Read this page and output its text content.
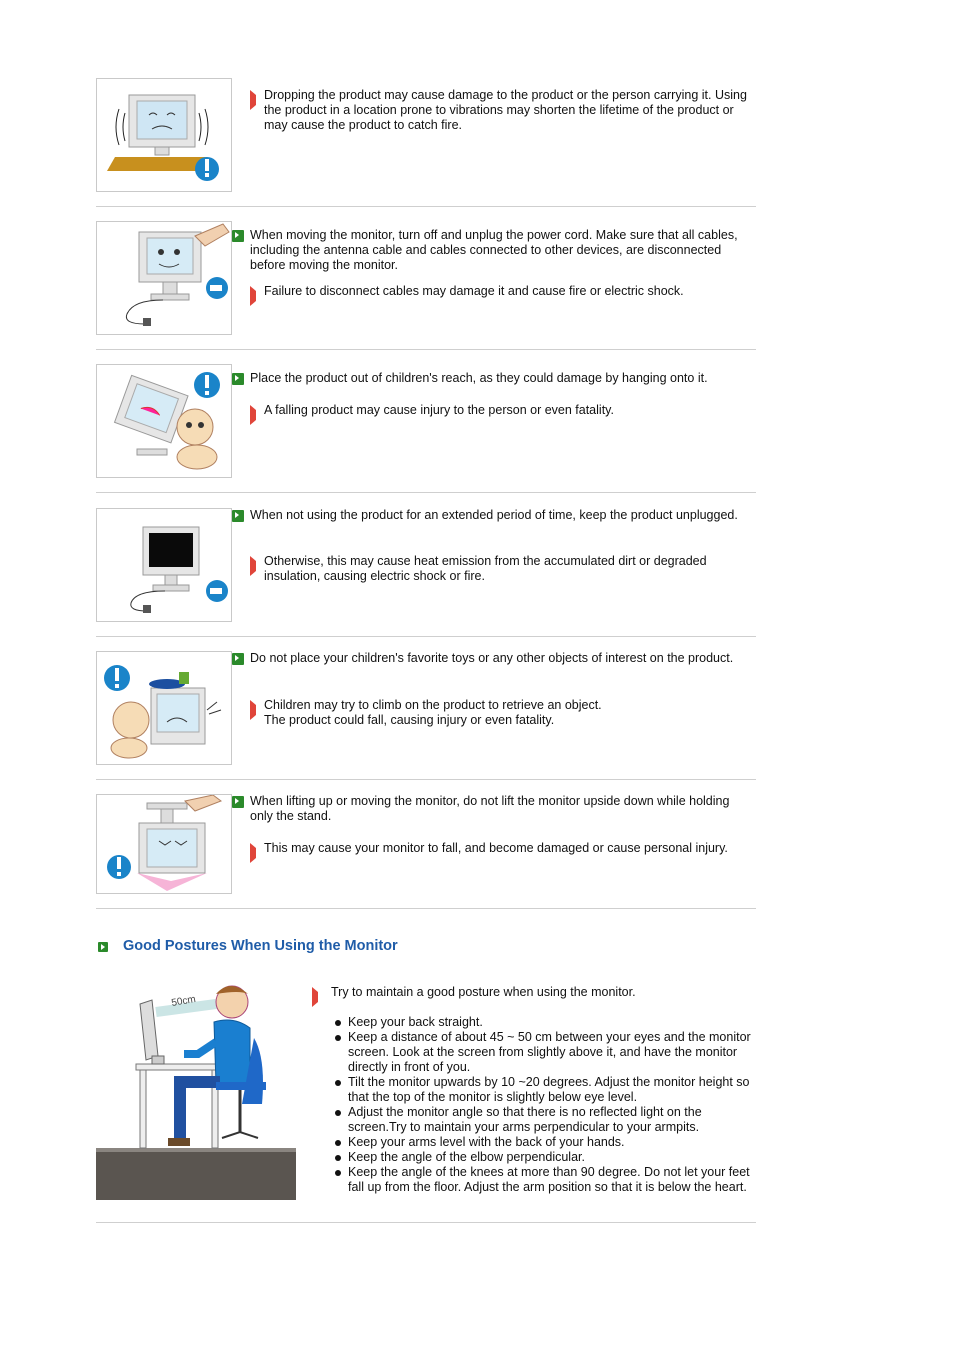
Dropping the product may cause damage to the product or the person carrying it. Using the product in a location prone to vibrations may shorten the lifetime of the product or may cause the product to catch fire.
When moving the monitor, turn off and unplug the power cord. Make sure that all cables, including the antenna cable and cables connected to other devices, are disconnected before moving the monitor.
Failure to disconnect cables may damage it and cause fire or electric shock.
Place the product out of children's reach, as they could damage by hanging onto it.
A falling product may cause injury to the person or even fatality.
When not using the product for an extended period of time, keep the product unplugged.
Otherwise, this may cause heat emission from the accumulated dirt or degraded insulation, causing electric shock or fire.
Do not place your children's favorite toys or any other objects of interest on the product.
Children may try to climb on the product to retrieve an object.
The product could fall, causing injury or even fatality.
When lifting up or moving the monitor, do not lift the monitor upside down while holding only the stand.
This may cause your monitor to fall, and become damaged or cause personal injury.
Good Postures When Using the Monitor
50cm
Try to maintain a good posture when using the monitor.
Keep your back straight.
Keep a distance of about 45 ~ 50 cm between your eyes and the monitor screen. Look at the screen from slightly above it, and have the monitor directly in front of you.
Tilt the monitor upwards by 10 ~20 degrees. Adjust the monitor height so that the top of the monitor is slightly below eye level.
Adjust the monitor angle so that there is no reflected light on the screen.Try to maintain your arms perpendicular to your armpits.
Keep your arms level with the back of your hands.
Keep the angle of the elbow perpendicular.
Keep the angle of the knees at more than 90 degree. Do not let your feet fall up from the floor. Adjust the arm position so that it is below the heart.
